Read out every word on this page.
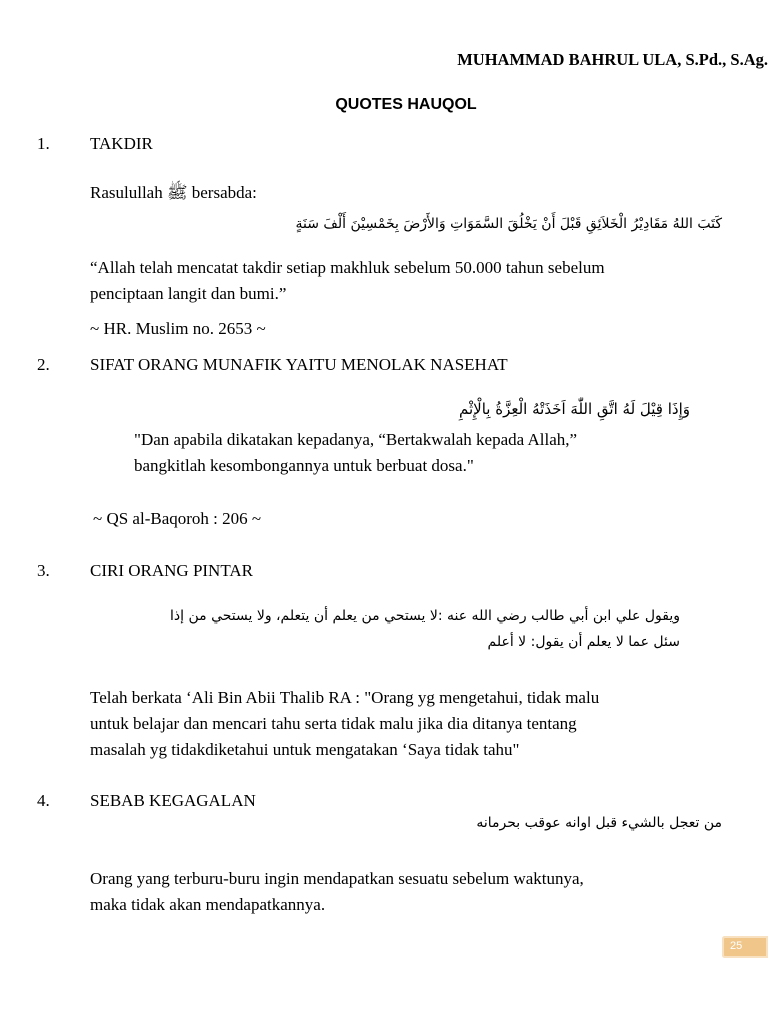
MUHAMMAD BAHRUL ULA, S.Pd., S.Ag.
QUOTES HAUQOL
1. TAKDIR
Rasulullah ﷺ bersabda:
كَتَبَ اللهُ مَقَادِيْرُ الْخَلاَئِقِ قَبْلَ أَنْ يَخْلُقَ السَّمَوَاتِ وَالأَرْضَ بِخَمْسِيْنَ أَلْفَ سَنَةٍ
“Allah telah mencatat takdir setiap makhluk sebelum 50.000 tahun sebelum
penciptaan langit dan bumi.”
~ HR. Muslim no. 2653 ~
2. SIFAT ORANG MUNAFIK YAITU MENOLAK NASEHAT
وَإِذَا قِيْلَ لَهُ اتَّقِ اللّٰهَ اَخَذَتْهُ الْعِزَّةُ بِالْإِثْمِ
"Dan apabila dikatakan kepadanya, “Bertakwalah kepada Allah,”
bangkitlah kesombongannya untuk berbuat dosa."
~ QS al-Baqoroh : 206 ~
3. CIRI ORANG PINTAR
ويقول علي ابن أبي طالب رضي الله عنه :لا يستحي من يعلم أن يتعلم، ولا يستحي من إذا
سئل عما لا يعلم أن يقول: لا أعلم
Telah berkata ‘Ali Bin Abii Thalib RA : "Orang yg mengetahui, tidak malu
untuk belajar dan mencari tahu serta tidak malu jika dia ditanya tentang
masalah yg tidakdiketahui untuk mengatakan ‘Saya tidak tahu"
4. SEBAB KEGAGALAN
من تعجل بالشيء قبل اوانه عوقب بحرمانه
Orang yang terburu-buru ingin mendapatkan sesuatu sebelum waktunya,
maka tidak akan mendapatkannya.
25
